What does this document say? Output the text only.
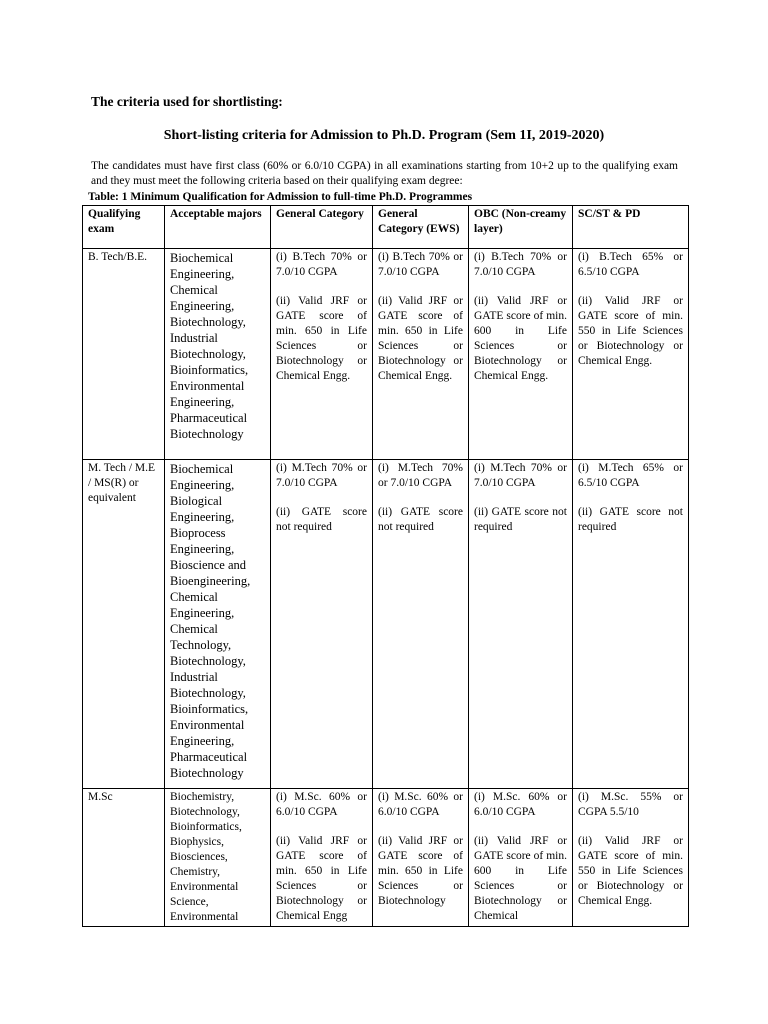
The criteria used for shortlisting:
Short-listing criteria for Admission to Ph.D. Program (Sem 1I, 2019-2020)
The candidates must have first class (60% or 6.0/10 CGPA) in all examinations starting from 10+2 up to the qualifying exam and they must meet the following criteria based on their qualifying exam degree:
Table: 1 Minimum Qualification for Admission to full-time Ph.D. Programmes
Qualifying exam	Acceptable majors	General Category	General Category (EWS)	OBC (Non-creamy layer)	SC/ST & PD
B. Tech/B.E.	Biochemical Engineering, Chemical Engineering, Biotechnology, Industrial Biotechnology, Bioinformatics, Environmental Engineering, Pharmaceutical Biotechnology	(i) B.Tech 70% or 7.0/10 CGPA
(ii) Valid JRF or GATE score of min. 650 in Life Sciences or Biotechnology or Chemical Engg.	(i) B.Tech 70% or 7.0/10 CGPA
(ii) Valid JRF or GATE score of min. 650 in Life Sciences or Biotechnology or Chemical Engg.	(i) B.Tech 70% or 7.0/10 CGPA
(ii) Valid JRF or GATE score of min. 600 in Life Sciences or Biotechnology or Chemical Engg.	(i) B.Tech 65% or 6.5/10 CGPA
(ii) Valid JRF or GATE score of min. 550 in Life Sciences or Biotechnology or Chemical Engg.

M. Tech / M.E / MS(R) or equivalent	Biochemical Engineering, Biological Engineering, Bioprocess Engineering, Bioscience and Bioengineering, Chemical Engineering, Chemical Technology, Biotechnology, Industrial Biotechnology, Bioinformatics, Environmental Engineering, Pharmaceutical Biotechnology	(i) M.Tech 70% or 7.0/10 CGPA
(ii) GATE score not required	(i) M.Tech 70% or 7.0/10 CGPA
(ii) GATE score not required	(i) M.Tech 70% or 7.0/10 CGPA
(ii) GATE score not required	(i) M.Tech 65% or 6.5/10 CGPA
(ii) GATE score not required

M.Sc	Biochemistry, Biotechnology, Bioinformatics, Biophysics, Biosciences, Chemistry, Environmental Science, Environmental	(i) M.Sc. 60% or 6.0/10 CGPA
(ii) Valid JRF or GATE score of min. 650 in Life Sciences or Biotechnology or Chemical Engg	(i) M.Sc. 60% or 6.0/10 CGPA
(ii) Valid JRF or GATE score of min. 650 in Life Sciences or Biotechnology	(i) M.Sc. 60% or 6.0/10 CGPA
(ii) Valid JRF or GATE score of min. 600 in Life Sciences or Biotechnology or Chemical	(i) M.Sc. 55% or CGPA 5.5/10
(ii) Valid JRF or GATE score of min. 550 in Life Sciences or Biotechnology or Chemical Engg.
